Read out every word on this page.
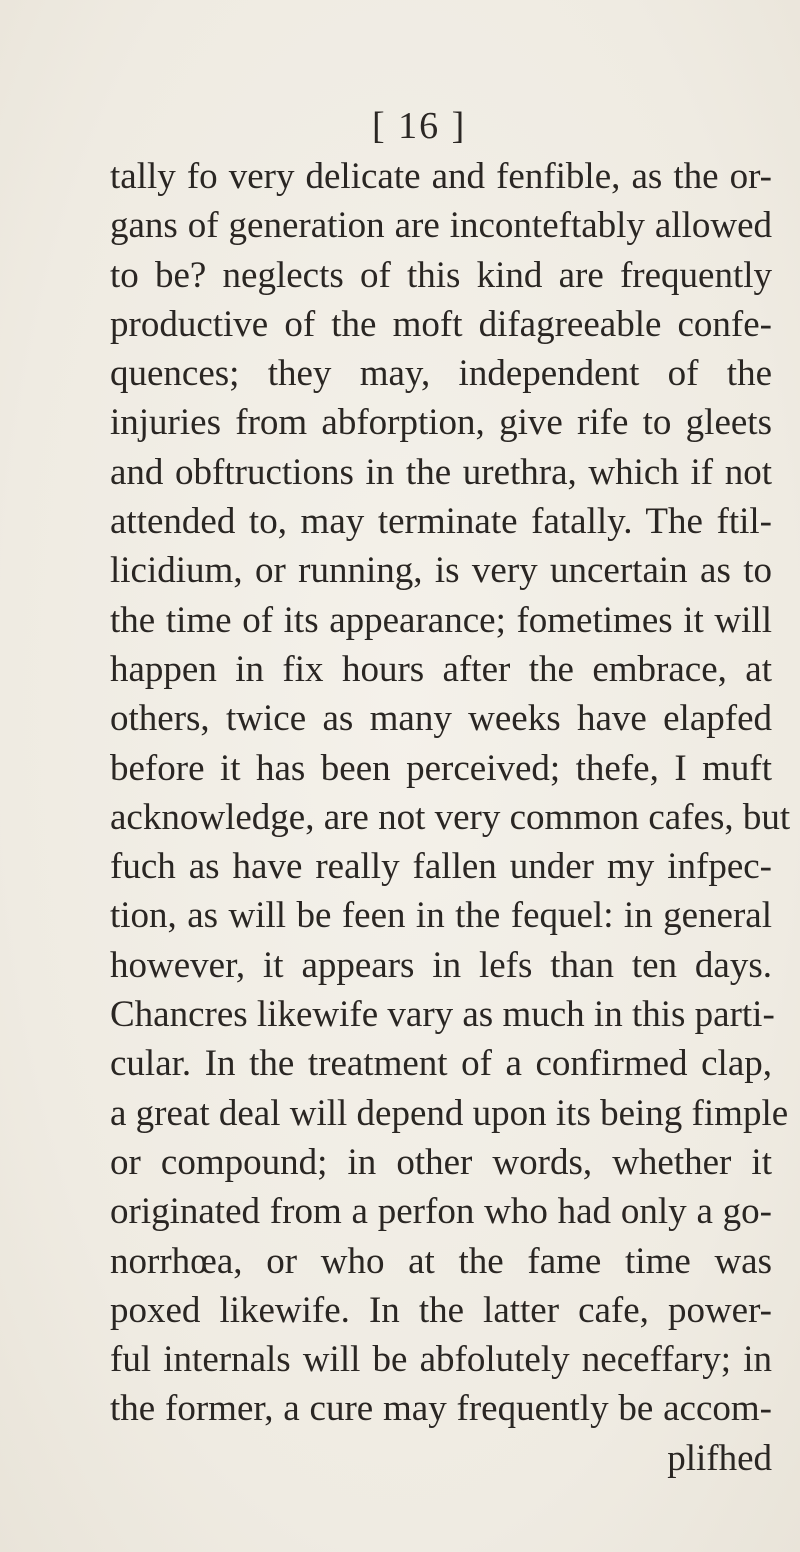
[ 16 ]
tally fo very delicate and fenfible, as the or-
gans of generation are inconteftably allowed
to be? neglects of this kind are frequently
productive of the moft difagreeable confe-
quences; they may, independent of the
injuries from abforption, give rife to gleets
and obftructions in the urethra, which if not
attended to, may terminate fatally. The ftil-
licidium, or running, is very uncertain as to
the time of its appearance; fometimes it will
happen in fix hours after the embrace, at
others, twice as many weeks have elapfed
before it has been perceived; thefe, I muft
acknowledge, are not very common cafes, but
fuch as have really fallen under my infpec-
tion, as will be feen in the fequel: in general
however, it appears in lefs than ten days.
Chancres likewife vary as much in this parti-
cular. In the treatment of a confirmed clap,
a great deal will depend upon its being fimple
or compound; in other words, whether it
originated from a perfon who had only a go-
norrhœa, or who at the fame time was
poxed likewife. In the latter cafe, power-
ful internals will be abfolutely neceffary; in
the former, a cure may frequently be accom-
plifhed
